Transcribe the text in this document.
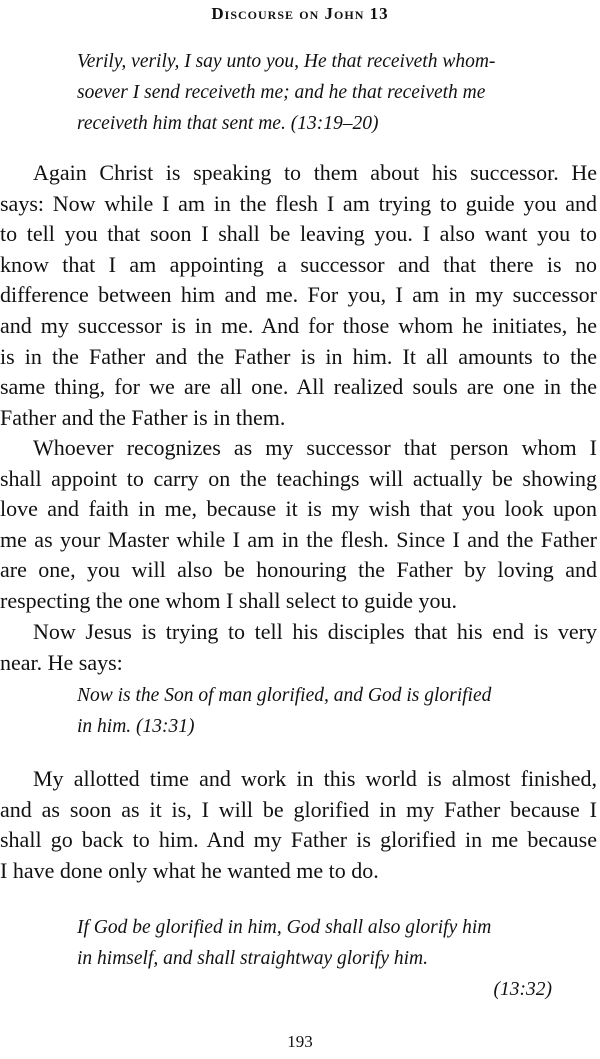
Discourse on John 13
Verily, verily, I say unto you, He that receiveth whom-
soever I send receiveth me; and he that receiveth me
receiveth him that sent me. (13:19–20)
Again Christ is speaking to them about his successor. He
says: Now while I am in the flesh I am trying to guide you and
to tell you that soon I shall be leaving you. I also want you to
know that I am appointing a successor and that there is no
difference between him and me. For you, I am in my successor
and my successor is in me. And for those whom he initiates, he
is in the Father and the Father is in him. It all amounts to the
same thing, for we are all one. All realized souls are one in the
Father and the Father is in them.
Whoever recognizes as my successor that person whom I
shall appoint to carry on the teachings will actually be showing
love and faith in me, because it is my wish that you look upon
me as your Master while I am in the flesh. Since I and the Father
are one, you will also be honouring the Father by loving and
respecting the one whom I shall select to guide you.
Now Jesus is trying to tell his disciples that his end is very
near. He says:
Now is the Son of man glorified, and God is glorified
in him. (13:31)
My allotted time and work in this world is almost finished,
and as soon as it is, I will be glorified in my Father because I
shall go back to him. And my Father is glorified in me because
I have done only what he wanted me to do.
If God be glorified in him, God shall also glorify him
in himself, and shall straightway glorify him.
(13:32)
193
